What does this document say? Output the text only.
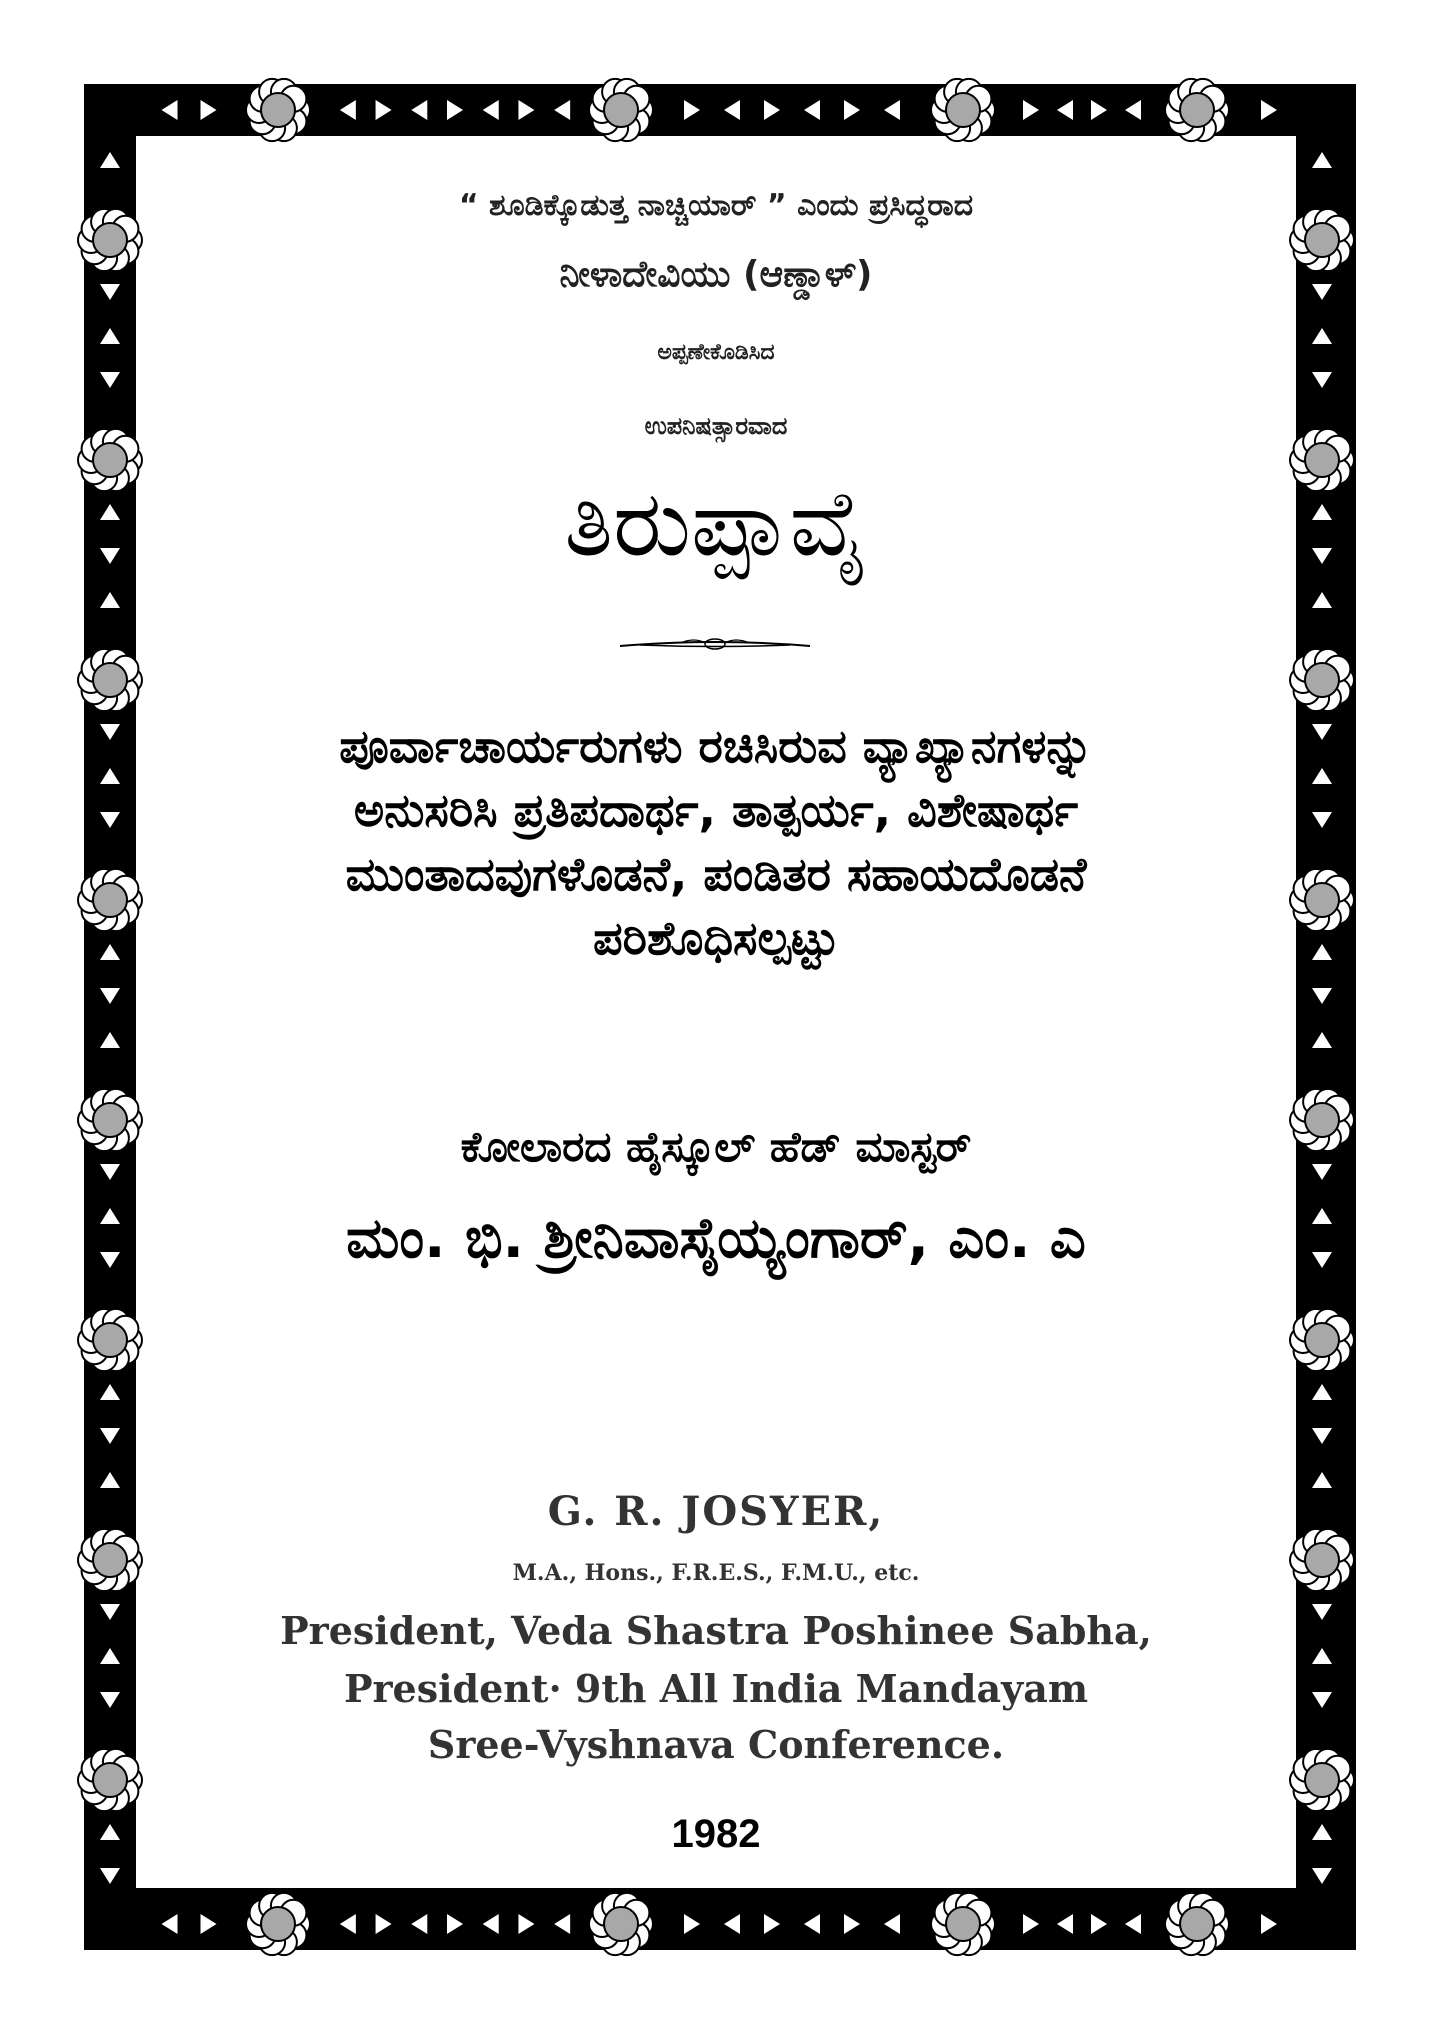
“ ಶೂಡಿಕ್ಕೊಡುತ್ತ ನಾಚ್ಚಿಯಾರ್ ” ಎಂದು ಪ್ರಸಿದ್ಧರಾದ
ನೀಳಾದೇವಿಯು (ಆಣ್ಡಾಳ್)
ಅಪ್ಪಣೇಕೊಡಿಸಿದ
ಉಪನಿಷತ್ಸಾರವಾದ
ತಿರುಪ್ಪಾವೈ
ಪೂರ್ವಾಚಾರ್ಯರುಗಳು ರಚಿಸಿರುವ ವ್ಯಾಖ್ಯಾನಗಳನ್ನು
ಅನುಸರಿಸಿ ಪ್ರತಿಪದಾರ್ಥ, ತಾತ್ಪರ್ಯ, ವಿಶೇಷಾರ್ಥ
ಮುಂತಾದವುಗಳೊಡನೆ, ಪಂಡಿತರ ಸಹಾಯದೊಡನೆ
ಪರಿಶೊಧಿಸಲ್ಪಟ್ಟು
ಕೋಲಾರದ ಹೈಸ್ಕೂಲ್ ಹೆಡ್ ಮಾಸ್ಟರ್
ಮಂ. ಭಿ. ಶ್ರೀನಿವಾಸೈಯ್ಯಂಗಾರ್, ಎಂ. ಎ
G. R. JOSYER,
M.A., Hons., F.R.E.S., F.M.U., etc.
President, Veda Shastra Poshinee Sabha,
President· 9th All India Mandayam
Sree-Vyshnava Conference.
1982
